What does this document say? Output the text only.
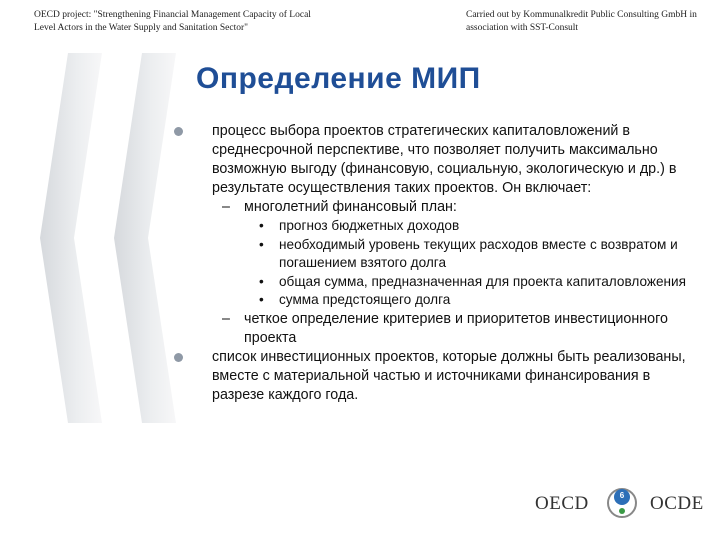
OECD project: "Strengthening Financial Management Capacity of Local
Level Actors in the Water Supply and Sanitation Sector"
Carried out by Kommunalkredit Public Consulting GmbH in
association with SST-Consult
Определение МИП
процесс выбора проектов стратегических капиталовложений в среднесрочной перспективе, что позволяет получить максимально возможную выгоду (финансовую, социальную, экологическую и др.) в результате осуществления таких проектов. Он включает:
– многолетний финансовый план:
• прогноз бюджетных доходов
• необходимый уровень текущих расходов вместе с возвратом и погашением взятого долга
• общая сумма, предназначенная для проекта капиталовложения
• сумма предстоящего долга
– четкое определение критериев и приоритетов инвестиционного проекта
список инвестиционных проектов, которые должны быть реализованы, вместе с материальной частью и источниками финансирования в разрезе каждого года.
OECD	6	OCDE
